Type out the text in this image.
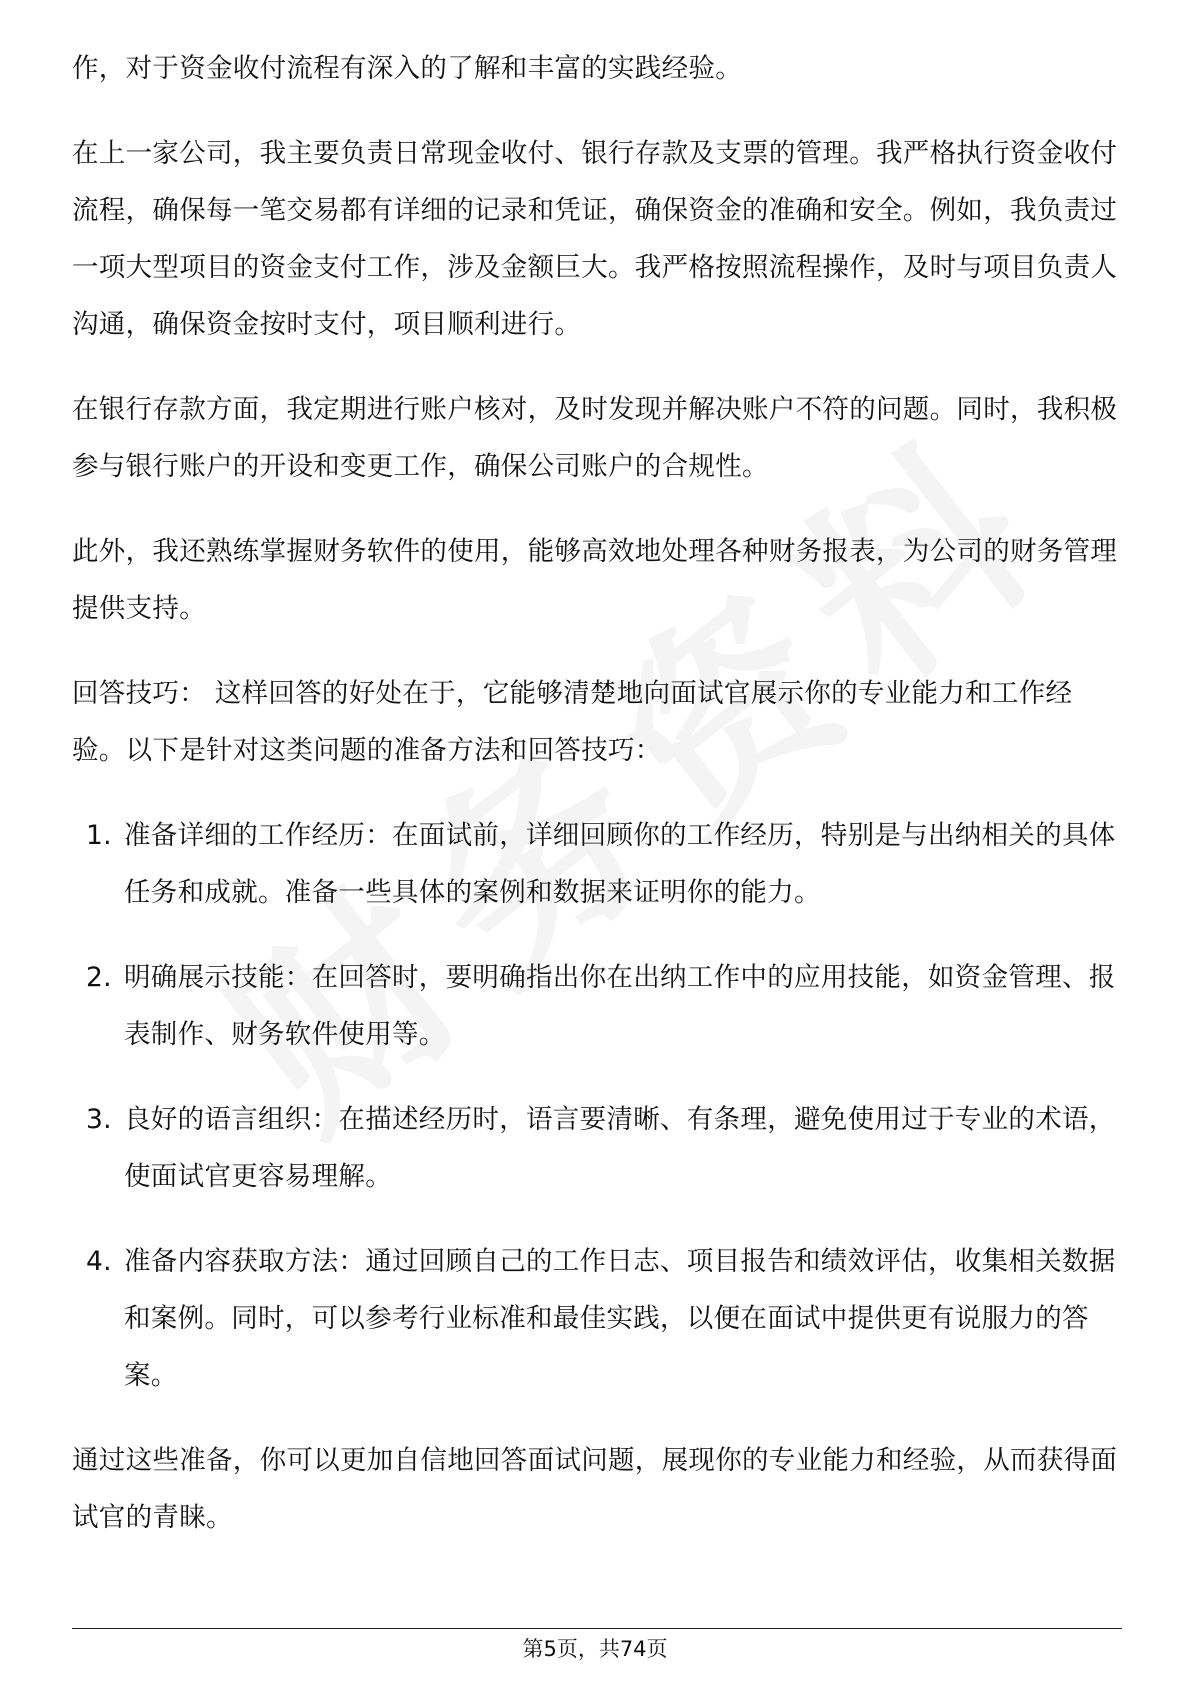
作，对于资金收付流程有深入的了解和丰富的实践经验。

在上一家公司，我主要负责日常现金收付、银行存款及支票的管理。我严格执行资金收付流程，确保每一笔交易都有详细的记录和凭证，确保资金的准确和安全。例如，我负责过一项大型项目的资金支付工作，涉及金额巨大。我严格按照流程操作，及时与项目负责人沟通，确保资金按时支付，项目顺利进行。

在银行存款方面，我定期进行账户核对，及时发现并解决账户不符的问题。同时，我积极参与银行账户的开设和变更工作，确保公司账户的合规性。

此外，我还熟练掌握财务软件的使用，能够高效地处理各种财务报表，为公司的财务管理提供支持。

回答技巧： 这样回答的好处在于，它能够清楚地向面试官展示你的专业能力和工作经验。以下是针对这类问题的准备方法和回答技巧：

1. 准备详细的工作经历：在面试前，详细回顾你的工作经历，特别是与出纳相关的具体任务和成就。准备一些具体的案例和数据来证明你的能力。
2. 明确展示技能：在回答时，要明确指出你在出纳工作中的应用技能，如资金管理、报表制作、财务软件使用等。
3. 良好的语言组织：在描述经历时，语言要清晰、有条理，避免使用过于专业的术语，使面试官更容易理解。
4. 准备内容获取方法：通过回顾自己的工作日志、项目报告和绩效评估，收集相关数据和案例。同时，可以参考行业标准和最佳实践，以便在面试中提供更有说服力的答案。

通过这些准备，你可以更加自信地回答面试问题，展现你的专业能力和经验，从而获得面试官的青睐。

第5页，共74页
